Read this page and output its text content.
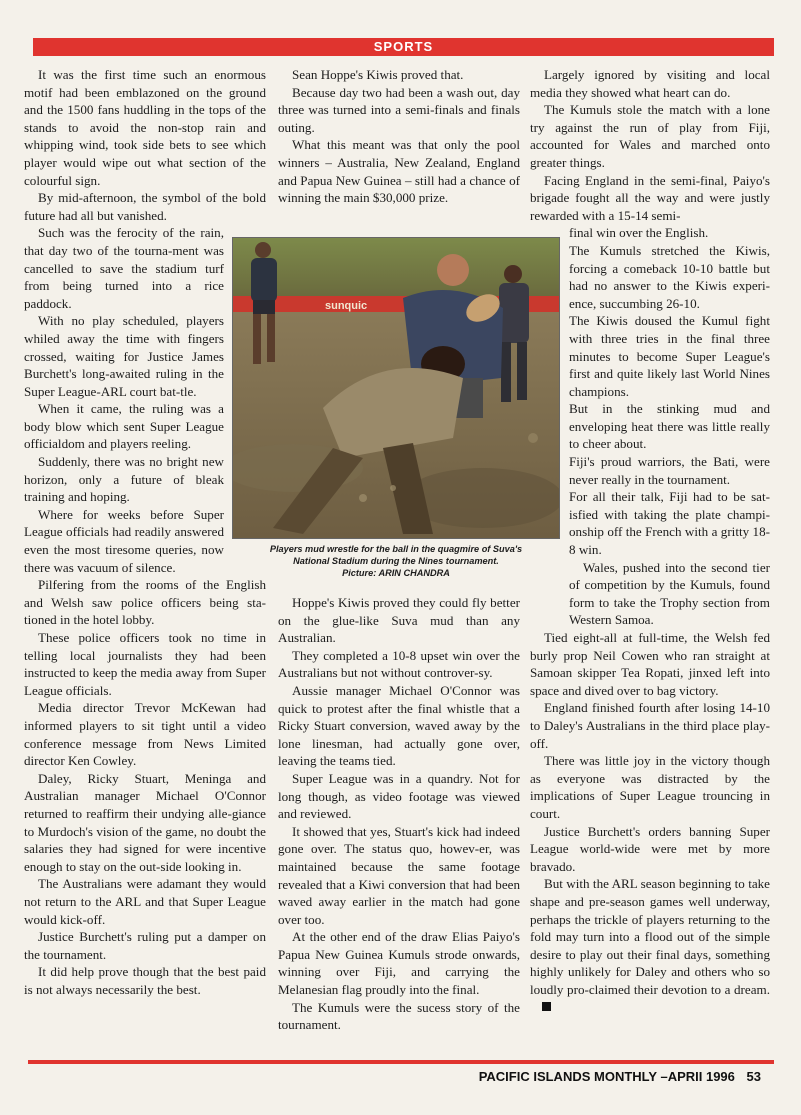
SPORTS

It was the first time such an enormous motif had been emblazoned on the ground and the 1500 fans huddling in the tops of the stands to avoid the non-stop rain and whipping wind, took side bets to see which player would wipe out what section of the colourful sign.

By mid-afternoon, the symbol of the bold future had all but vanished.

Such was the ferocity of the rain, that day two of the tourna-ment was cancelled to save the stadium turf from being turned into a rice paddock.

With no play scheduled, players whiled away the time with fingers crossed, waiting for Justice James Burchett's long-awaited ruling in the Super League-ARL court bat-tle.

When it came, the ruling was a body blow which sent Super League officialdom and players reeling.

Suddenly, there was no bright new horizon, only a future of bleak training and hoping.

Where for weeks before Super League officials had readily answered even the most tiresome queries, now there was vacuum of silence.

Pilfering from the rooms of the English and Welsh saw police officers being sta-tioned in the hotel lobby.

These police officers took no time in telling local journalists they had been instructed to keep the media away from Super League officials.

Media director Trevor McKewan had informed players to sit tight until a video conference message from News Limited director Ken Cowley.

Daley, Ricky Stuart, Meninga and Australian manager Michael O'Connor returned to reaffirm their undying alle-giance to Murdoch's vision of the game, no doubt the salaries they had signed for were incentive enough to stay on the out-side looking in.

The Australians were adamant they would not return to the ARL and that Super League would kick-off.

Justice Burchett's ruling put a damper on the tournament.

It did help prove though that the best paid is not always necessarily the best.

Sean Hoppe's Kiwis proved that.

Because day two had been a wash out, day three was turned into a semi-finals and finals outing.

What this meant was that only the pool winners – Australia, New Zealand, England and Papua New Guinea – still had a chance of winning the main $30,000 prize.

Hoppe's Kiwis proved they could fly better on the glue-like Suva mud than any Australian.

They completed a 10-8 upset win over the Australians but not without controver-sy.

Aussie manager Michael O'Connor was quick to protest after the final whistle that a Ricky Stuart conversion, waved away by the lone linesman, had actually gone over, leaving the teams tied.

Super League was in a quandry. Not for long though, as video footage was viewed and reviewed.

It showed that yes, Stuart's kick had indeed gone over. The status quo, howev-er, was maintained because the same footage revealed that a Kiwi conversion that had been waved away earlier in the match had gone over too.

At the other end of the draw Elias Paiyo's Papua New Guinea Kumuls strode onwards, winning over Fiji, and carrying the Melanesian flag proudly into the final.

The Kumuls were the sucess story of the tournament.

Largely ignored by visiting and local media they showed what heart can do.

The Kumuls stole the match with a lone try against the run of play from Fiji, accounted for Wales and marched onto greater things.

Facing England in the semi-final, Paiyo's brigade fought all the way and were justly rewarded with a 15-14 semi-

final win over the English.

The Kumuls stretched the Kiwis, forcing a comeback 10-10 battle but had no answer to the Kiwis experi-ence, succumbing 26-10.

The Kiwis doused the Kumul fight with three tries in the final three minutes to become Super League's first and quite likely last World Nines champions.

But in the stinking mud and enveloping heat there was little really to cheer about.

Fiji's proud warriors, the Bati, were never really in the tournament.

For all their talk, Fiji had to be sat-isfied with taking the plate champi-onship off the French with a gritty 18-8 win.

Wales, pushed into the second tier of competition by the Kumuls, found form to take the Trophy section from Western Samoa.

Tied eight-all at full-time, the Welsh fed burly prop Neil Cowen who ran straight at Samoan skipper Tea Ropati, jinxed left into space and dived over to bag victory.

England finished fourth after losing 14-10 to Daley's Australians in the third place play-off.

There was little joy in the victory though as everyone was distracted by the implications of Super League trouncing in court.

Justice Burchett's orders banning Super League world-wide were met by more bravado.

But with the ARL season beginning to take shape and pre-season games well underway, perhaps the trickle of players returning to the fold may turn into a flood out of the simple desire to play out their final days, something highly unlikely for Daley and others who so loudly pro-claimed their devotion to a dream.

sunquic
Players mud wrestle for the ball in the quagmire of Suva's
National Stadium during the Nines tournament.
Picture: ARIN CHANDRA
PACIFIC ISLANDS MONTHLY –APRII 1996 53
